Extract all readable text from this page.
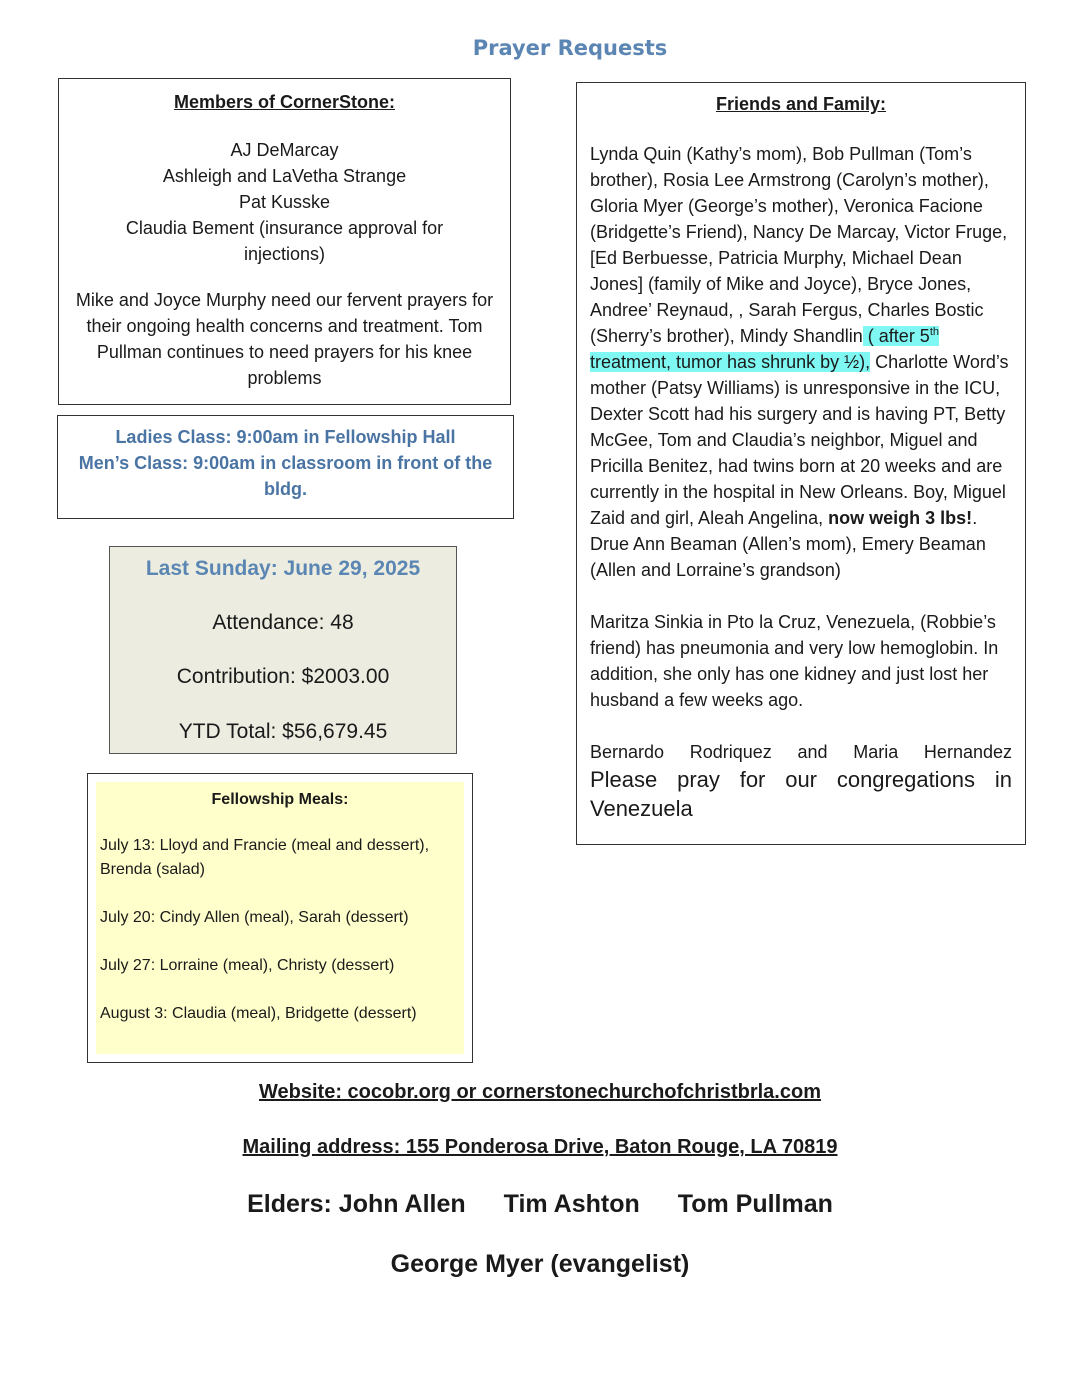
Prayer Requests
Members of CornerStone:
AJ DeMarcay
Ashleigh and LaVetha Strange
Pat Kusske
Claudia Bement (insurance approval for injections)
Mike and Joyce Murphy need our fervent prayers for their ongoing health concerns and treatment. Tom Pullman continues to need prayers for his knee problems
Ladies Class: 9:00am in Fellowship Hall
Men’s Class: 9:00am in classroom in front of the bldg.
Last Sunday: June 29, 2025
Attendance: 48
Contribution: $2003.00
YTD Total: $56,679.45
Fellowship Meals:
July 13: Lloyd and Francie (meal and dessert), Brenda (salad)
July 20: Cindy Allen (meal), Sarah (dessert)
July 27: Lorraine (meal), Christy (dessert)
August 3: Claudia (meal), Bridgette (dessert)
Friends and Family:

Lynda Quin (Kathy’s mom), Bob Pullman (Tom’s brother), Rosia Lee Armstrong (Carolyn’s mother), Gloria Myer (George’s mother), Veronica Facione (Bridgette’s Friend), Nancy De Marcay, Victor Fruge, [Ed Berbuesse, Patricia Murphy, Michael Dean Jones] (family of Mike and Joyce), Bryce Jones, Andree’ Reynaud, , Sarah Fergus, Charles Bostic (Sherry’s brother), Mindy Shandlin ( after 5th treatment, tumor has shrunk by ½), Charlotte Word’s mother (Patsy Williams) is unresponsive in the ICU, Dexter Scott had his surgery and is having PT, Betty McGee, Tom and Claudia’s neighbor, Miguel and Pricilla Benitez, had twins born at 20 weeks and are currently in the hospital in New Orleans. Boy, Miguel Zaid and girl, Aleah Angelina, now weigh 3 lbs!. Drue Ann Beaman (Allen’s mom), Emery Beaman (Allen and Lorraine’s grandson)

Maritza Sinkia in Pto la Cruz, Venezuela, (Robbie’s friend) has pneumonia and very low hemoglobin. In addition, she only has one kidney and just lost her husband a few weeks ago.

Bernardo Rodriquez and Maria Hernandez

Please pray for our congregations in Venezuela

Website: cocobr.org or cornerstonechurchofchristbrla.com
Mailing address: 155 Ponderosa Drive, Baton Rouge, LA 70819
Elders: John Allen Tim Ashton Tom Pullman
George Myer (evangelist)
